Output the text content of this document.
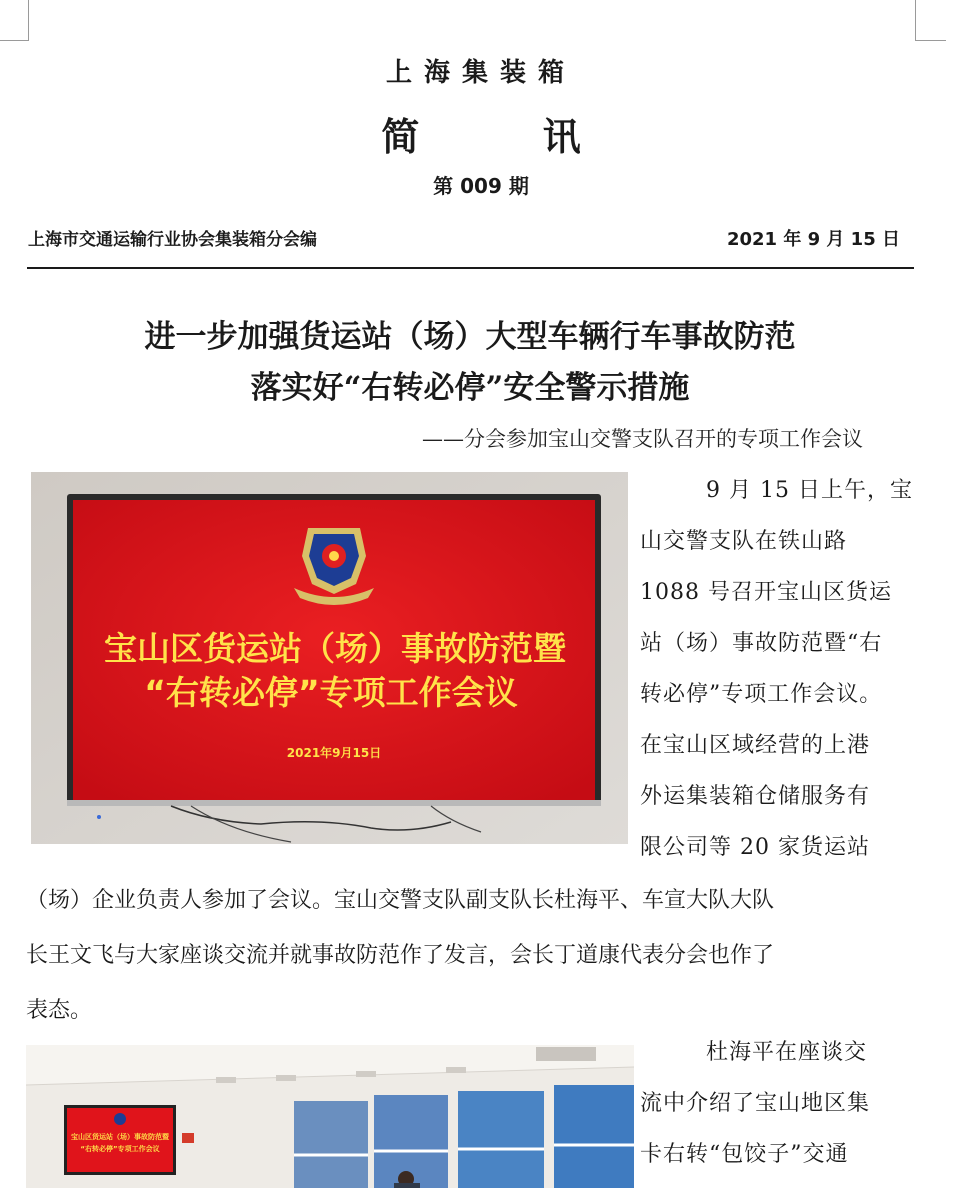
上海集装箱
简 讯
第 009 期
上海市交通运输行业协会集装箱分会编	2021 年 9 月 15 日
进一步加强货运站（场）大型车辆行车事故防范
落实好“右转必停”安全警示措施
——分会参加宝山交警支队召开的专项工作会议
宝山区货运站（场）事故防范暨
“右转必停”专项工作会议
2021年9月15日
9 月 15 日上午，宝
山交警支队在铁山路
1088 号召开宝山区货运
站（场）事故防范暨“右
转必停”专项工作会议。
在宝山区域经营的上港
外运集装箱仓储服务有
限公司等 20 家货运站
（场）企业负责人参加了会议。宝山交警支队副支队长杜海平、车宣大队大队
长王文飞与大家座谈交流并就事故防范作了发言，会长丁道康代表分会也作了
表态。
宝山区货运站（场）事故防范暨
“右转必停”专项工作会议
杜海平在座谈交
流中介绍了宝山地区集
卡右转“包饺子”交通
